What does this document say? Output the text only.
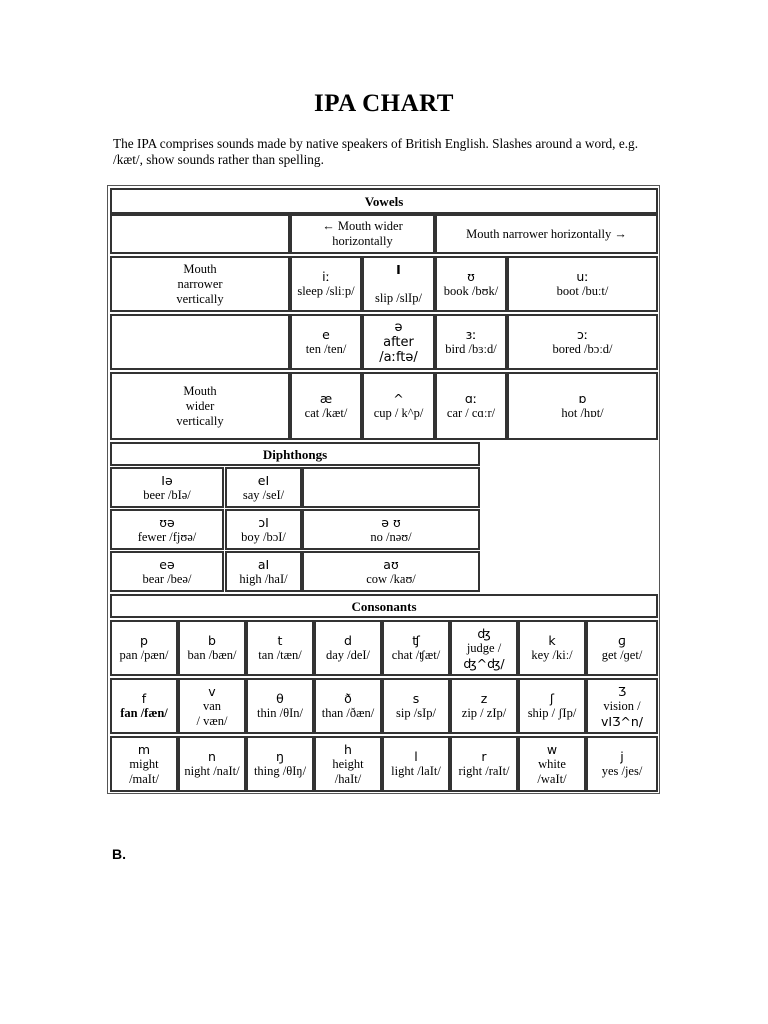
IPA CHART
The IPA comprises sounds made by native speakers of British English. Slashes around a word, e.g. /kæt/, show sounds rather than spelling.
Vowels
← Mouth wider
horizontally
Mouth narrower horizontally →
Mouth
narrower
vertically
iː
sleep /sliːp/
I
slip /slIp/
ʊ
book /bʊk/
uː
boot /buːt/
e
ten /ten/
ə
after
/aːftə/
ɜː
bird /bɜːd/
ɔː
bored /bɔːd/
Mouth
wider
vertically
æ
cat /kæt/
^
cup / k^p/
ɑː
car / cɑːr/
ɒ
hot /hɒt/
Diphthongs
Iə
beer /bIə/
eI
say /seI/
ʊə
fewer /fjʊə/
ɔI
boy /bɔI/
ə ʊ
no /nəʊ/
eə
bear /beə/
aI
high /haI/
aʊ
cow /kaʊ/
Consonants
p
pan /pæn/
b
ban /bæn/
t
tan /tæn/
d
day /deI/
ʧ
chat /ʧæt/
ʤ
judge /
ʤ^ʤ/
k
key /kiː/
ɡ
get /ɡet/
f
fan /fæn/
v
van
/ væn/
θ
thin /θIn/
ð
than /ðæn/
s
sip /sIp/
z
zip / zIp/
ʃ
ship / ʃIp/
Ʒ
vision /
vIƷ^n/
m
might
/maIt/
n
night /naIt/
ŋ
thing /θIŋ/
h
height
/haIt/
l
light /laIt/
r
right /raIt/
w
white
/waIt/
j
yes /jes/
B.
